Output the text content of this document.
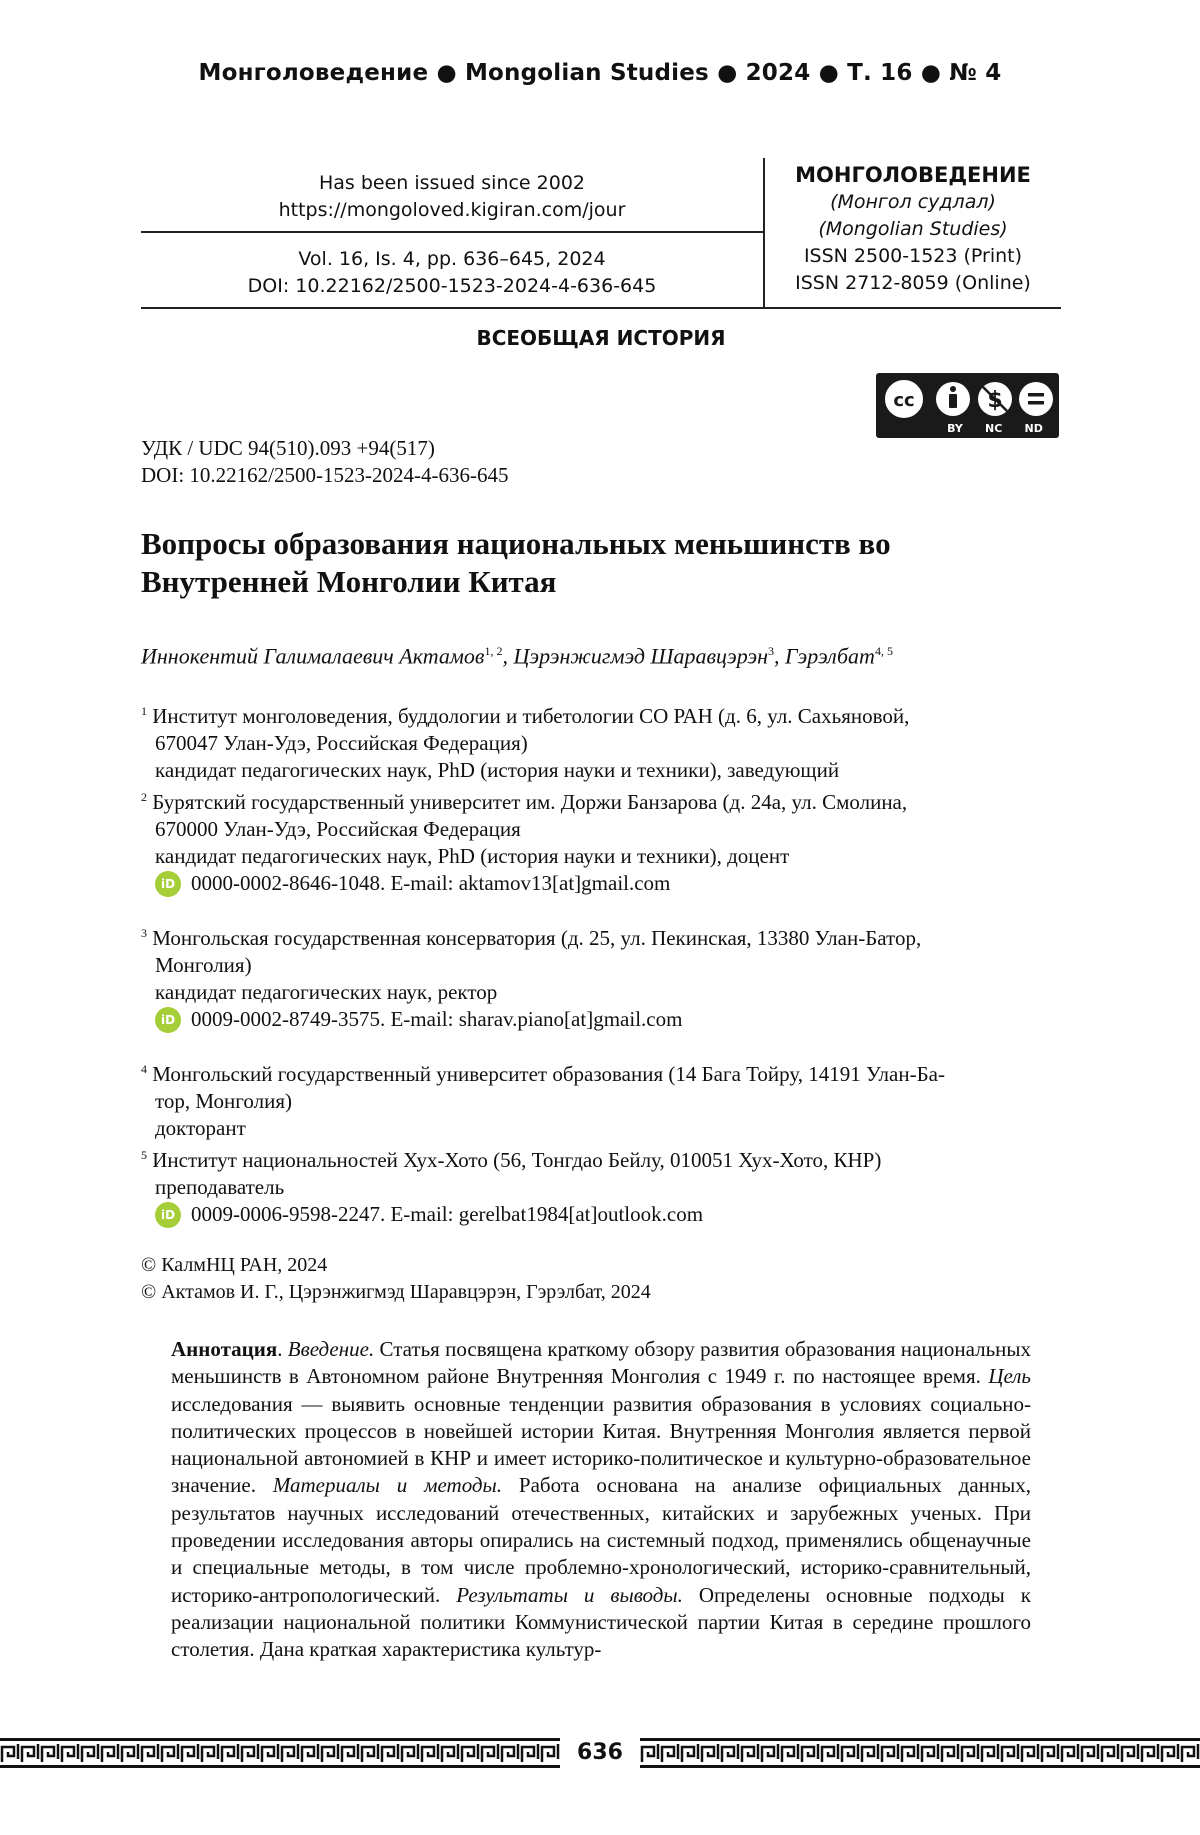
Монголоведение ● Mongolian Studies ● 2024 ● Т. 16 ● № 4
Has been issued since 2002
https://mongoloved.kigiran.com/jour
Vol. 16, Is. 4, pp. 636–645, 2024
DOI: 10.22162/2500-1523-2024-4-636-645
МОНГОЛОВЕДЕНИЕ
(Монгол судлал)
(Mongolian Studies)
ISSN 2500-1523 (Print)
ISSN 2712-8059 (Online)
ВСЕОБЩАЯ ИСТОРИЯ
cc
BY NC ND
УДК / UDC 94(510).093 +94(517)
DOI: 10.22162/2500-1523-2024-4-636-645
Вопросы образования национальных меньшинств во
Внутренней Монголии Китая
Иннокентий Галималаевич Актамов1, 2, Цэрэнжигмэд Шаравцэрэн3, Гэрэлбат4, 5
1 Институт монголоведения, буддологии и тибетологии СО РАН (д. 6, ул. Сахьяновой,
670047 Улан-Удэ, Российская Федерация)
кандидат педагогических наук, PhD (история науки и техники), заведующий
2 Бурятский государственный университет им. Доржи Банзарова (д. 24а, ул. Смолина,
670000 Улан-Удэ, Российская Федерация
кандидат педагогических наук, PhD (история науки и техники), доцент
iD 0000-0002-8646-1048. E-mail: aktamov13[at]gmail.com
3 Монгольская государственная консерватория (д. 25, ул. Пекинская, 13380 Улан-Батор,
Монголия)
кандидат педагогических наук, ректор
iD 0009-0002-8749-3575. E-mail: sharav.piano[at]gmail.com
4 Монгольский государственный университет образования (14 Бага Тойру, 14191 Улан-Ба-
тор, Монголия)
докторант
5 Институт национальностей Хух-Хото (56, Тонгдао Бейлу, 010051 Хух-Хото, КНР)
преподаватель
iD 0009-0006-9598-2247. E-mail: gerelbat1984[at]outlook.com
© КалмНЦ РАН, 2024
© Актамов И. Г., Цэрэнжигмэд Шаравцэрэн, Гэрэлбат, 2024
Аннотация. Введение. Статья посвящена краткому обзору развития образования национальных меньшинств в Автономном районе Внутренняя Монголия с 1949 г. по настоящее время. Цель исследования — выявить основные тенденции развития образования в условиях социально-политических процессов в новейшей истории Китая. Внутренняя Монголия является первой национальной автономией в КНР и имеет историко-политическое и культурно-образовательное значение. Материалы и методы. Работа основана на анализе официальных данных, результатов научных исследований отечественных, китайских и зарубежных ученых. При проведении исследования авторы опирались на системный подход, применялись общенаучные и специальные методы, в том числе проблемно-хронологический, историко-сравнительный, историко-антропологический. Результаты и выводы. Определены основные подходы к реализации национальной политики Коммунистической партии Китая в середине прошлого столетия. Дана краткая характеристика культур-
636
